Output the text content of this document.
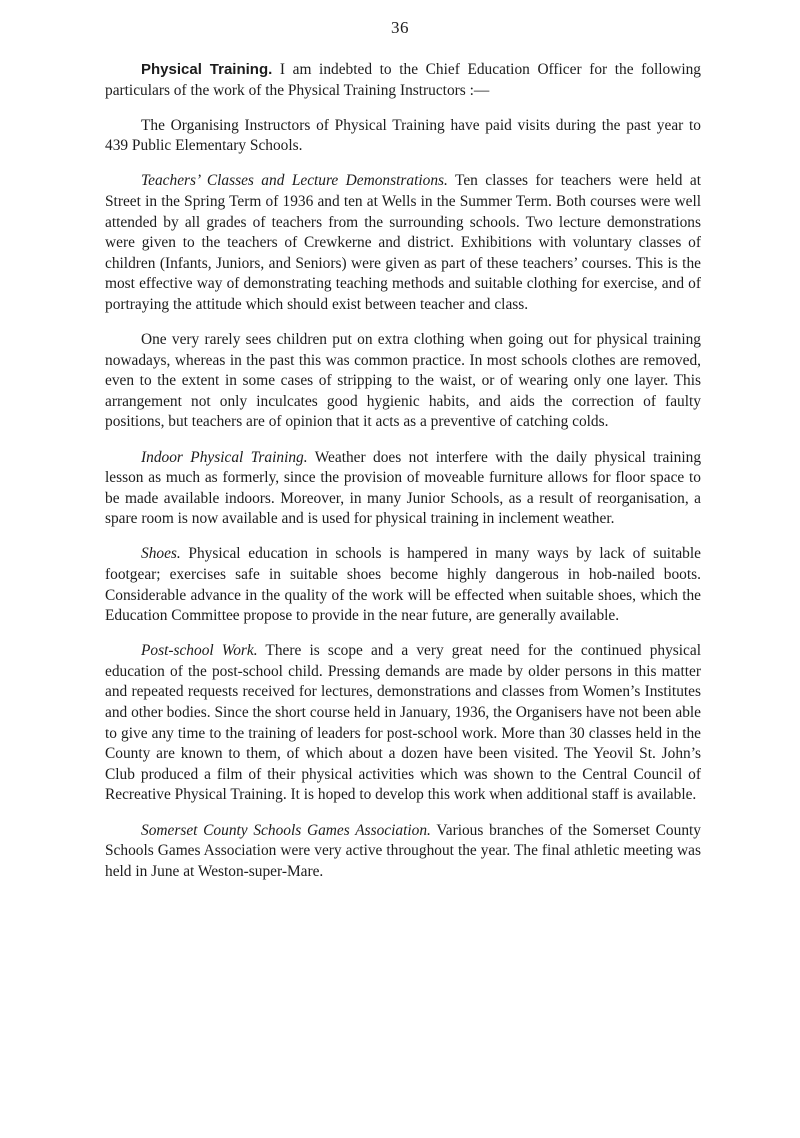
36

Physical Training. I am indebted to the Chief Education Officer for the following particulars of the work of the Physical Training Instructors :—

The Organising Instructors of Physical Training have paid visits during the past year to 439 Public Elementary Schools.

Teachers’ Classes and Lecture Demonstrations. Ten classes for teachers were held at Street in the Spring Term of 1936 and ten at Wells in the Summer Term. Both courses were well attended by all grades of teachers from the surrounding schools. Two lecture demonstrations were given to the teachers of Crewkerne and district. Exhibitions with voluntary classes of children (Infants, Juniors, and Seniors) were given as part of these teachers’ courses. This is the most effective way of demonstrating teaching methods and suitable clothing for exercise, and of portraying the attitude which should exist between teacher and class.

One very rarely sees children put on extra clothing when going out for physical training nowadays, whereas in the past this was common practice. In most schools clothes are removed, even to the extent in some cases of stripping to the waist, or of wearing only one layer. This arrangement not only inculcates good hygienic habits, and aids the correction of faulty positions, but teachers are of opinion that it acts as a preventive of catching colds.

Indoor Physical Training. Weather does not interfere with the daily physical training lesson as much as formerly, since the provision of moveable furniture allows for floor space to be made available indoors. Moreover, in many Junior Schools, as a result of reorganisation, a spare room is now available and is used for physical training in inclement weather.

Shoes. Physical education in schools is hampered in many ways by lack of suitable footgear; exercises safe in suitable shoes become highly dangerous in hob-nailed boots. Considerable advance in the quality of the work will be effected when suitable shoes, which the Education Committee propose to provide in the near future, are generally available.

Post-school Work. There is scope and a very great need for the continued physical education of the post-school child. Pressing demands are made by older persons in this matter and repeated requests received for lectures, demonstrations and classes from Women’s Institutes and other bodies. Since the short course held in January, 1936, the Organisers have not been able to give any time to the training of leaders for post-school work. More than 30 classes held in the County are known to them, of which about a dozen have been visited. The Yeovil St. John’s Club produced a film of their physical activities which was shown to the Central Council of Recreative Physical Training. It is hoped to develop this work when additional staff is available.

Somerset County Schools Games Association. Various branches of the Somerset County Schools Games Association were very active throughout the year. The final athletic meeting was held in June at Weston-super-Mare.
